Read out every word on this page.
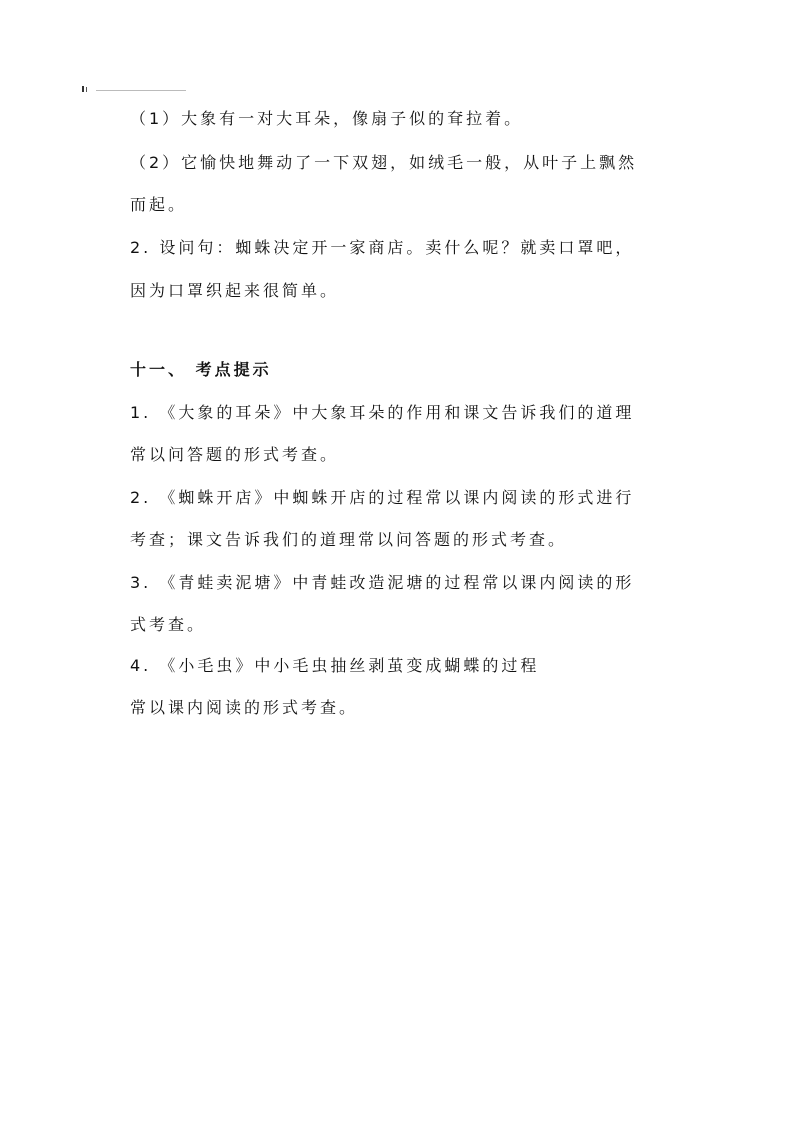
（1）大象有一对大耳朵，像扇子似的耷拉着。
（2）它愉快地舞动了一下双翅，如绒毛一般，从叶子上飘然
而起。
2. 设问句：蜘蛛决定开一家商店。卖什么呢？就卖口罩吧，
因为口罩织起来很简单。
十一、 考点提示
1. 《大象的耳朵》中大象耳朵的作用和课文告诉我们的道理
常以问答题的形式考查。
2. 《蜘蛛开店》中蜘蛛开店的过程常以课内阅读的形式进行
考查；课文告诉我们的道理常以问答题的形式考查。
3. 《青蛙卖泥塘》中青蛙改造泥塘的过程常以课内阅读的形
式考查。
4. 《小毛虫》中小毛虫抽丝剥茧变成蝴蝶的过程
常以课内阅读的形式考查。
